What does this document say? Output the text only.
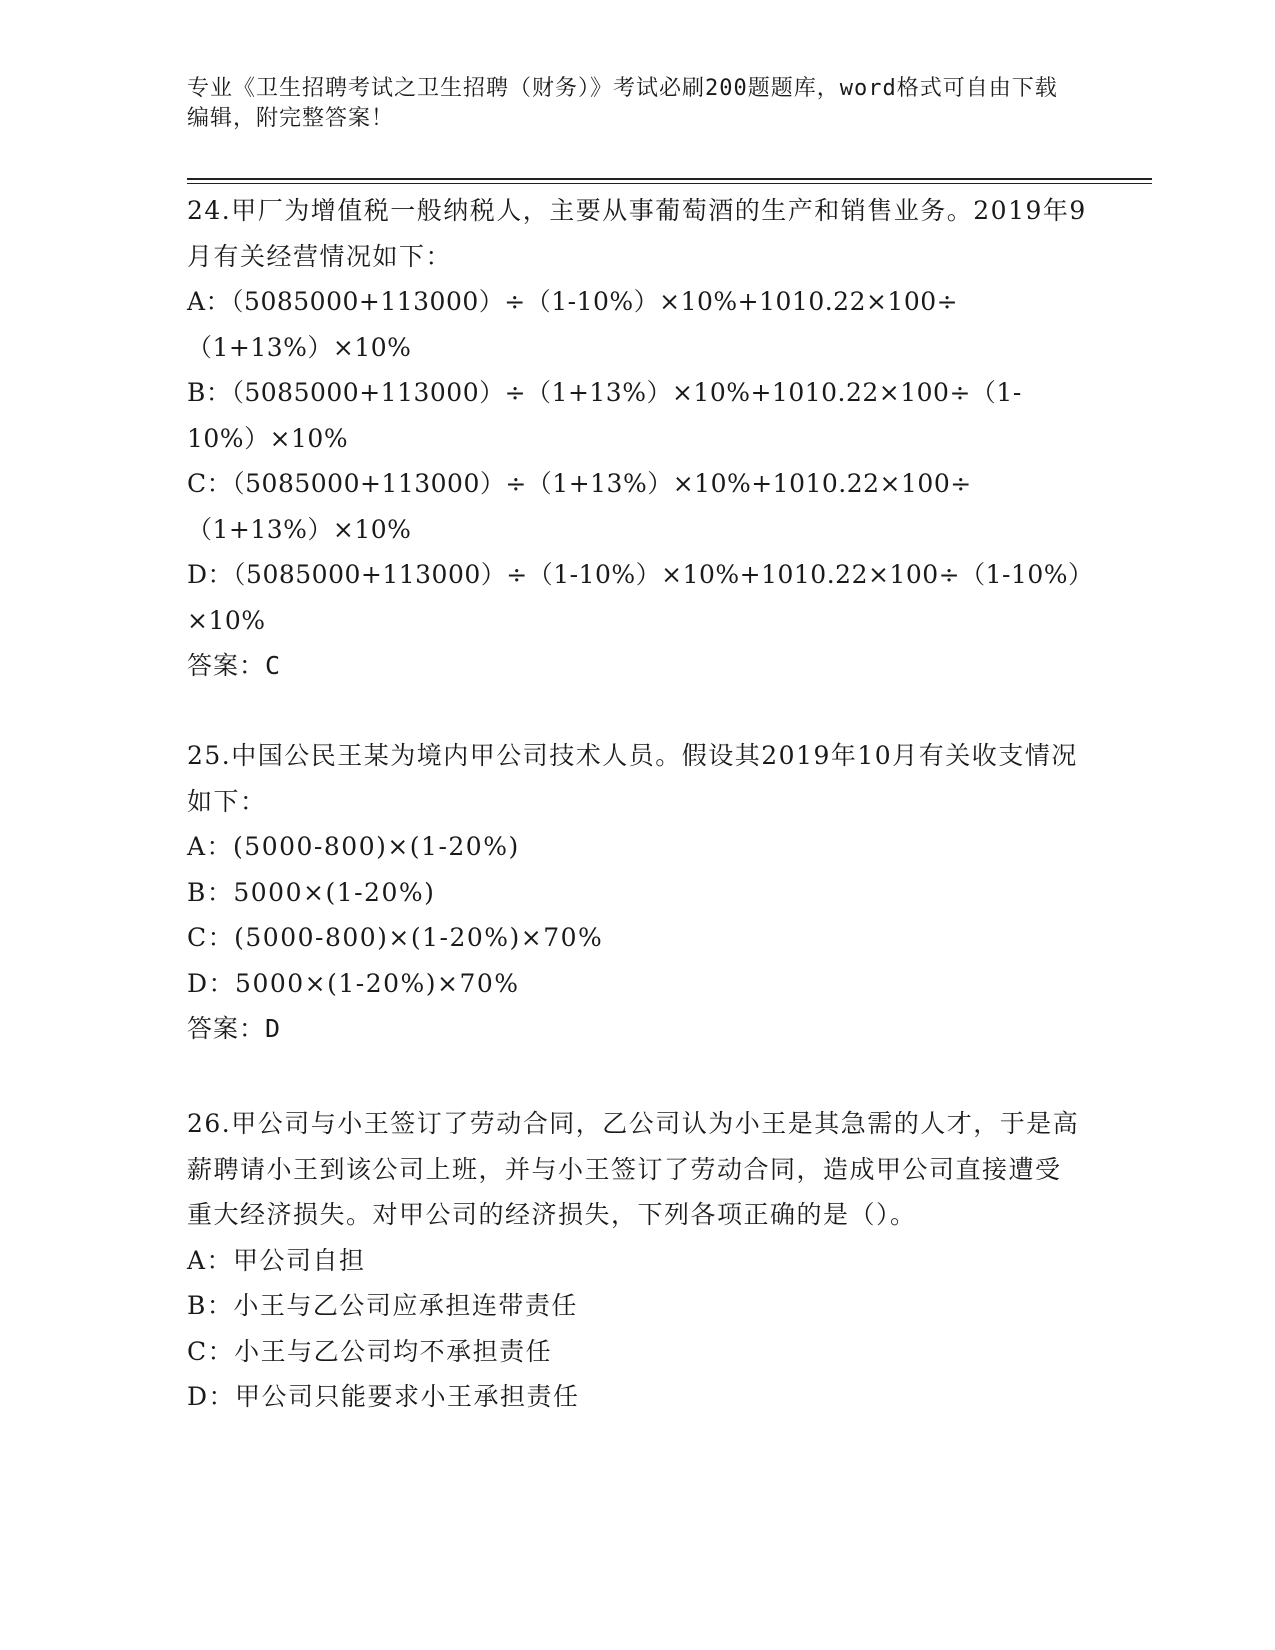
专业《卫生招聘考试之卫生招聘（财务）》考试必刷200题题库，word格式可自由下载编辑，附完整答案！
24.甲厂为增值税一般纳税人，主要从事葡萄酒的生产和销售业务。2019年9月有关经营情况如下：
A：（5085000+113000）÷（1-10%）×10%+1010.22×100÷（1+13%）×10%
B：（5085000+113000）÷（1+13%）×10%+1010.22×100÷（1-10%）×10%
C：（5085000+113000）÷（1+13%）×10%+1010.22×100÷（1+13%）×10%
D：（5085000+113000）÷（1-10%）×10%+1010.22×100÷（1-10%）×10%
答案：C
25.中国公民王某为境内甲公司技术人员。假设其2019年10月有关收支情况如下：
A：(5000-800)×(1-20%)
B：5000×(1-20%)
C：(5000-800)×(1-20%)×70%
D：5000×(1-20%)×70%
答案：D
26.甲公司与小王签订了劳动合同，乙公司认为小王是其急需的人才，于是高薪聘请小王到该公司上班，并与小王签订了劳动合同，造成甲公司直接遭受重大经济损失。对甲公司的经济损失，下列各项正确的是（）。
A：甲公司自担
B：小王与乙公司应承担连带责任
C：小王与乙公司均不承担责任
D：甲公司只能要求小王承担责任
